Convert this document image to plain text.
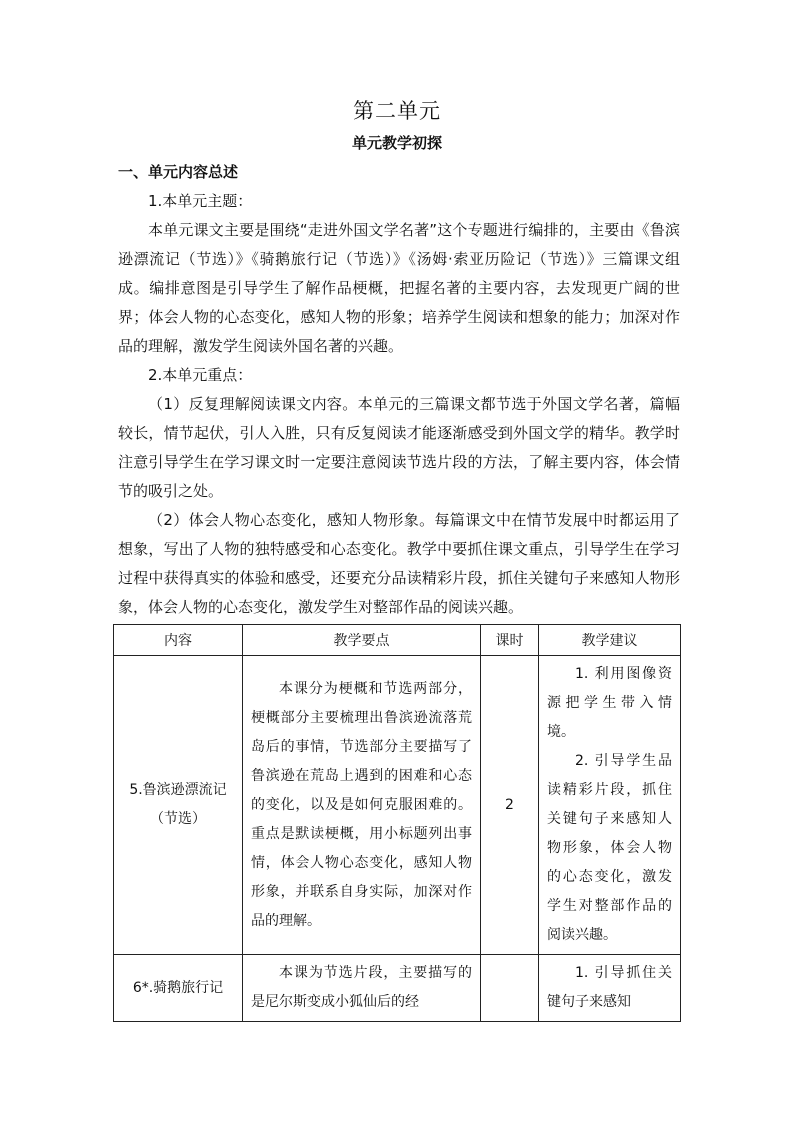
第二单元
单元教学初探
一、单元内容总述
1.本单元主题：
本单元课文主要是围绕“走进外国文学名著”这个专题进行编排的，主要由《鲁滨逊漂流记（节选）》《骑鹅旅行记（节选）》《汤姆·索亚历险记（节选）》三篇课文组成。编排意图是引导学生了解作品梗概，把握名著的主要内容，去发现更广阔的世界；体会人物的心态变化，感知人物的形象；培养学生阅读和想象的能力；加深对作品的理解，激发学生阅读外国名著的兴趣。
2.本单元重点：
（1）反复理解阅读课文内容。本单元的三篇课文都节选于外国文学名著，篇幅较长，情节起伏，引人入胜，只有反复阅读才能逐渐感受到外国文学的精华。教学时注意引导学生在学习课文时一定要注意阅读节选片段的方法，了解主要内容，体会情节的吸引之处。
（2）体会人物心态变化，感知人物形象。每篇课文中在情节发展中时都运用了想象，写出了人物的独特感受和心态变化。教学中要抓住课文重点，引导学生在学习过程中获得真实的体验和感受，还要充分品读精彩片段，抓住关键句子来感知人物形象，体会人物的心态变化，激发学生对整部作品的阅读兴趣。
内容	教学要点	课时	教学建议

5.鲁滨逊漂流记（节选）	本课分为梗概和节选两部分，梗概部分主要梳理出鲁滨逊流落荒岛后的事情，节选部分主要描写了鲁滨逊在荒岛上遇到的困难和心态的变化，以及是如何克服困难的。重点是默读梗概，用小标题列出事情，体会人物心态变化，感知人物形象，并联系自身实际，加深对作品的理解。	2	1. 利用图像资源把学生带入情境。
2. 引导学生品读精彩片段，抓住关键句子来感知人物形象，体会人物的心态变化，激发学生对整部作品的阅读兴趣。

6*.骑鹅旅行记	本课为节选片段，主要描写的是尼尔斯变成小狐仙后的经		1. 引导抓住关键句子来感知
